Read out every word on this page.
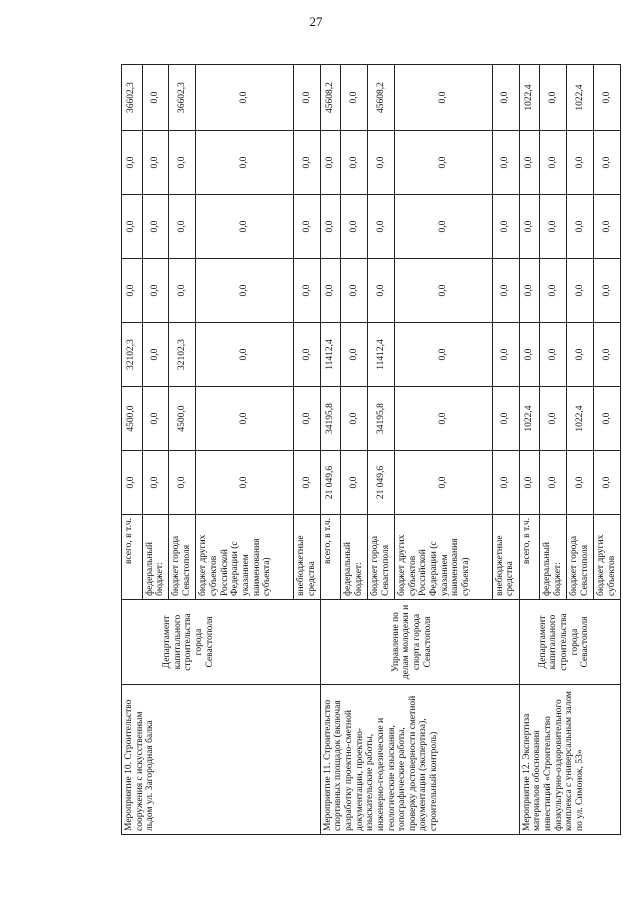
27
Мероприятие 10. Строительство сооружения с искусственным льдом ул. Загородная балка	Департамент капитального строительства города Севастополя	всего, в т.ч.	0,0	4500,0	32102,3	0,0	0,0	0,0	36602,3
		федеральный бюджет:	0,0	0,0	0,0	0,0	0,0	0,0	0,0
		бюджет города Севастополя	0,0	4500,0	32102,3	0,0	0,0	0,0	36602,3
		бюджет других субъектов Российской Федерации (с указанием наименования субъекта)	0,0	0,0	0,0	0,0	0,0	0,0	0,0
		внебюджетные средства	0,0	0,0	0,0	0,0	0,0	0,0	0,0
Мероприятие 11. Строительство спортивных площадок (включая разработку проектно-сметной документации, проектно-изыскательские работы, инженерно-геодезические и геологические изыскания, топографические работы, проверку достоверности сметной документации (экспертиза), строительный контроль)	Управление по делам молодежи и спорта города Севастополя	всего, в т.ч.	21 049,6	34195,8	11412,4	0,0	0,0	0,0	45608,2
		федеральный бюджет:	0,0	0,0	0,0	0,0	0,0	0,0	0,0
		бюджет города Севастополя	21 049,6	34195,8	11412,4	0,0	0,0	0,0	45608,2
		бюджет других субъектов Российской Федерации (с указанием наименования субъекта)	0,0	0,0	0,0	0,0	0,0	0,0	0,0
		внебюджетные средства	0,0	0,0	0,0	0,0	0,0	0,0	0,0
Мероприятие 12. Экспертиза материалов обоснования инвестиций «Строительство физкультурно-оздоровительного комплекса с универсальным залом по ул. Симонок, 53»	Департамент капитального строительства города Севастополя	всего, в т.ч.	0,0	1022,4	0,0	0,0	0,0	0,0	1022,4
		федеральный бюджет:	0,0	0,0	0,0	0,0	0,0	0,0	0,0
		бюджет города Севастополя	0,0	1022,4	0,0	0,0	0,0	0,0	1022,4
		бюджет других субъектов	0,0	0,0	0,0	0,0	0,0	0,0	0,0
